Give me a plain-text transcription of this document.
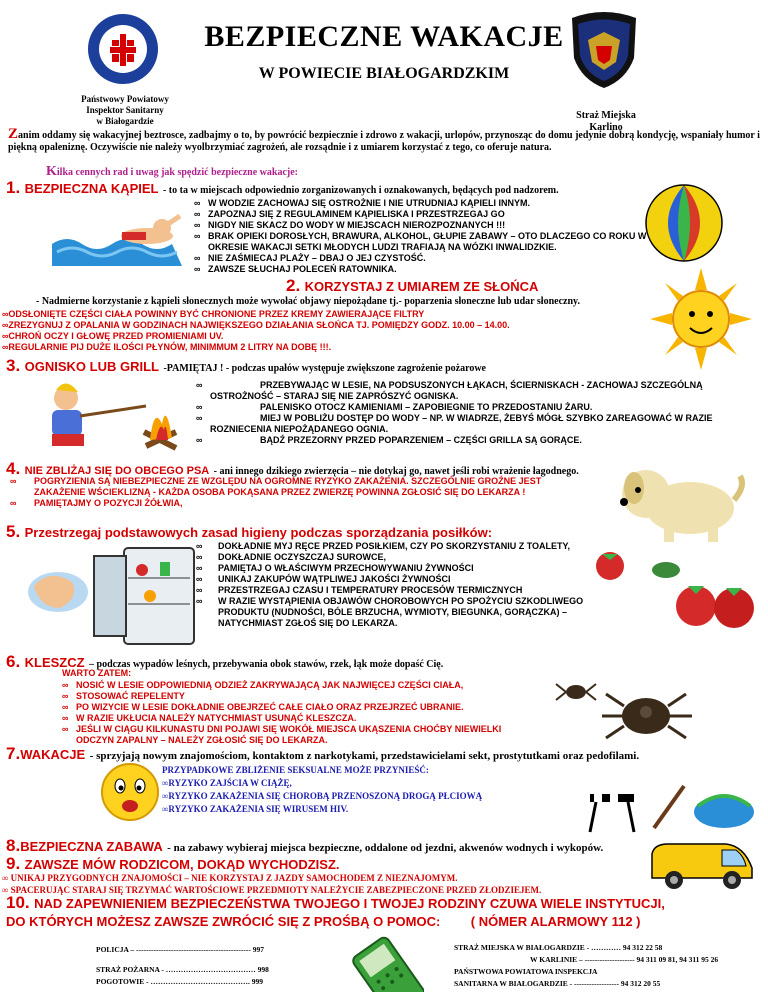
BEZPIECZNE WAKACJE
W POWIECIE BIAŁOGARDZKIM
Państwowy Powiatowy
Inspektor Sanitarny
w Białogardzie	Straż Miejska
Karlino
Zanim oddamy się wakacyjnej beztrosce, zadbajmy o to, by powrócić bezpiecznie i zdrowo z wakacji, urlopów, przynosząc do domu jedynie dobrą kondycję, wspaniały humor i piękną opaleniznę. Oczywiście nie należy wyolbrzymiać zagrożeń, ale rozsądnie i z umiarem korzystać z tego, co oferuje natura.
Kilka cennych rad i uwag jak spędzić bezpieczne wakacje:
1. BEZPIECZNA KĄPIEL - to ta w miejscach odpowiednio zorganizowanych i oznakowanych, będących pod nadzorem.
∞ W WODZIE ZACHOWAJ SIĘ OSTROŻNIE I NIE UTRUDNIAJ KĄPIELI INNYM.
∞ ZAPOZNAJ SIĘ Z REGULAMINEM KĄPIELISKA I PRZESTRZEGAJ GO
∞ NIGDY NIE SKACZ DO WODY W MIEJSCACH NIEROZPOZNANYCH !!!
∞ BRAK OPIEKI DOROSŁYCH, BRAWURA, ALKOHOL, GŁUPIE ZABAWY – OTO DLACZEGO CO ROKU W OKRESIE WAKACJI SETKI MŁODYCH LUDZI TRAFIAJĄ NA WÓZKI INWALIDZKIE.
∞ NIE ZAŚMIECAJ PLAŻY – DBAJ O JEJ CZYSTOŚĆ.
∞ ZAWSZE SŁUCHAJ POLECEŃ RATOWNIKA.
2. KORZYSTAJ Z UMIAREM ZE SŁOŃCA
- Nadmierne korzystanie z kąpieli słonecznych może wywołać objawy niepożądane tj.- poparzenia słoneczne lub udar słoneczny.
∞ODSŁONIĘTE CZĘŚCI CIAŁA POWINNY BYĆ CHRONIONE PRZEZ KREMY ZAWIERAJĄCE FILTRY
∞ZREZYGNUJ Z OPALANIA W GODZINACH NAJWIĘKSZEGO DZIAŁANIA SŁOŃCA TJ. POMIĘDZY GODZ. 10.00 – 14.00.
∞CHROŃ OCZY I GŁOWĘ PRZED PROMIENIAMI UV.
∞REGULARNIE PIJ DUŻE ILOŚCI PŁYNÓW, MINIMMUM 2 LITRY NA DOBĘ !!!.
3. OGNISKO LUB GRILL -PAMIĘTAJ ! - podczas upałów występuje zwiększone zagrożenie pożarowe
∞ PRZEBYWAJĄC W LESIE, NA PODSUSZONYCH ŁĄKACH, ŚCIERNISKACH - ZACHOWAJ SZCZEGÓLNĄ OSTROŻNOŚĆ – STARAJ SIĘ NIE ZAPRÓSZYĆ OGNISKA.
∞ PALENISKO OTOCZ KAMIENIAMI – ZAPOBIEGNIE TO PRZEDOSTANIU ŻARU.
∞ MIEJ W POBLIŻU DOSTĘP DO WODY – NP. W WIADRZE, ŻEBYŚ MÓGŁ SZYBKO ZAREAGOWAĆ W RAZIE ROZNIECENIA NIEPOŻĄDANEGO OGNIA.
∞ BĄDŹ PRZEZORNY PRZED POPARZENIEM – CZĘŚCI GRILLA SĄ GORĄCE.
4. NIE ZBLIŻAJ SIĘ DO OBCEGO PSA - ani innego dzikiego zwierzęcia – nie dotykaj go, nawet jeśli robi wrażenie łagodnego.
∞ POGRYZIENIA SĄ NIEBEZPIECZNE ZE WZGLĘDU NA OGROMNE RYZYKO ZAKAŻENIA. SZCZEGÓLNIE GROŹNE JEST ZAKAŻENIE WŚCIEKLIZNĄ - KAŻDA OSOBA POKĄSANA PRZEZ ZWIERZĘ POWINNA ZGŁOSIĆ SIĘ DO LEKARZA !
∞ PAMIĘTAJMY O POZYCJI ŻÓŁWIA,
5. Przestrzegaj podstawowych zasad higieny podczas sporządzania posiłków:
∞ DOKŁADNIE MYJ RĘCE PRZED POSIŁKIEM, CZY PO SKORZYSTANIU Z TOALETY,
∞ DOKŁADNIE OCZYSZCZAJ SUROWCE,
∞ PAMIĘTAJ O WŁAŚCIWYM PRZECHOWYWANIU ŻYWNOŚCI
∞ UNIKAJ ZAKUPÓW WĄTPLIWEJ JAKOŚCI ŻYWNOŚCI
∞ PRZESTRZEGAJ CZASU I TEMPERATURY PROCESÓW TERMICZNYCH
∞ W RAZIE WYSTĄPIENIA OBJAWÓW CHOROBOWYCH PO SPOŻYCIU SZKODLIWEGO PRODUKTU (NUDNOŚCI, BÓLE BRZUCHA, WYMIOTY, BIEGUNKA, GORĄCZKA) – NATYCHMIAST ZGŁOŚ SIĘ DO LEKARZA.
6. KLESZCZ – podczas wypadów leśnych, przebywania obok stawów, rzek, łąk może dopaść Cię.
WARTO ZATEM:
∞ NOSIĆ W LESIE ODPOWIEDNIĄ ODZIEŻ ZAKRYWAJĄCĄ JAK NAJWIĘCEJ CZĘŚCI CIAŁA,
∞ STOSOWAĆ REPELENTY
∞ PO WIZYCIE W LESIE DOKŁADNIE OBEJRZEĆ CAŁE CIAŁO ORAZ PRZEJRZEĆ UBRANIE.
∞ W RAZIE UKŁUCIA NALEŻY NATYCHMIAST USUNĄĆ KLESZCZA.
∞ JEŚLI W CIĄGU KILKUNASTU DNI POJAWI SIĘ WOKÓŁ MIEJSCA UKĄSZENIA CHOĆBY NIEWIELKI ODCZYN ZAPALNY – NALEŻY ZGŁOSIĆ SIĘ DO LEKARZA.
7.WAKACJE - sprzyjają nowym znajomościom, kontaktom z narkotykami, przedstawicielami sekt, prostytutkami oraz pedofilami.
PRZYPADKOWE ZBLIŻENIE SEKSUALNE MOŻE PRZYNIEŚĆ:
∞RYZYKO ZAJŚCIA W CIĄŻĘ,
∞RYZYKO ZAKAŻENIA SIĘ CHOROBĄ PRZENOSZONĄ DROGĄ PŁCIOWĄ
∞RYZYKO ZAKAŻENIA SIĘ WIRUSEM HIV.
8.BEZPIECZNA ZABAWA - na zabawy wybieraj miejsca bezpieczne, oddalone od jezdni, akwenów wodnych i wykopów.
9. ZAWSZE MÓW RODZICOM, DOKĄD WYCHODZISZ.
∞ UNIKAJ PRZYGODNYCH ZNAJOMOŚCI – NIE KORZYSTAJ Z JAZDY SAMOCHODEM Z NIEZNAJOMYM.
∞ SPACERUJĄC STARAJ SIĘ TRZYMAĆ WARTOŚCIOWE PRZEDMIOTY NALEŻYCIE ZABEZPIECZONE PRZED ZŁODZIEJEM.
10. NAD ZAPEWNIENIEM BEZPIECZEŃSTWA TWOJEGO I TWOJEJ RODZINY CZUWA WIELE INSTYTUCJI,
DO KTÓRYCH MOŻESZ ZAWSZE ZWRÓCIĆ SIĘ Z PROŚBĄ O POMOC: ( NÓMER ALARMOWY 112 )
POLICJA – ---------------------------------------------- 997
STRAŻ POŻARNA - ……………………………… 998
POGOTOWIE - …………………………………. 999
STRAŻ MIEJSKA W BIAŁOGARDZIE - ………… 94 312 22 58
W KARLINIE – -------------------- 94 311 09 81, 94 311 95 26
PAŃSTWOWA POWIATOWA INSPEKCJA
SANITARNA W BIAŁOGARDZIE - ------------------ 94 312 20 55
